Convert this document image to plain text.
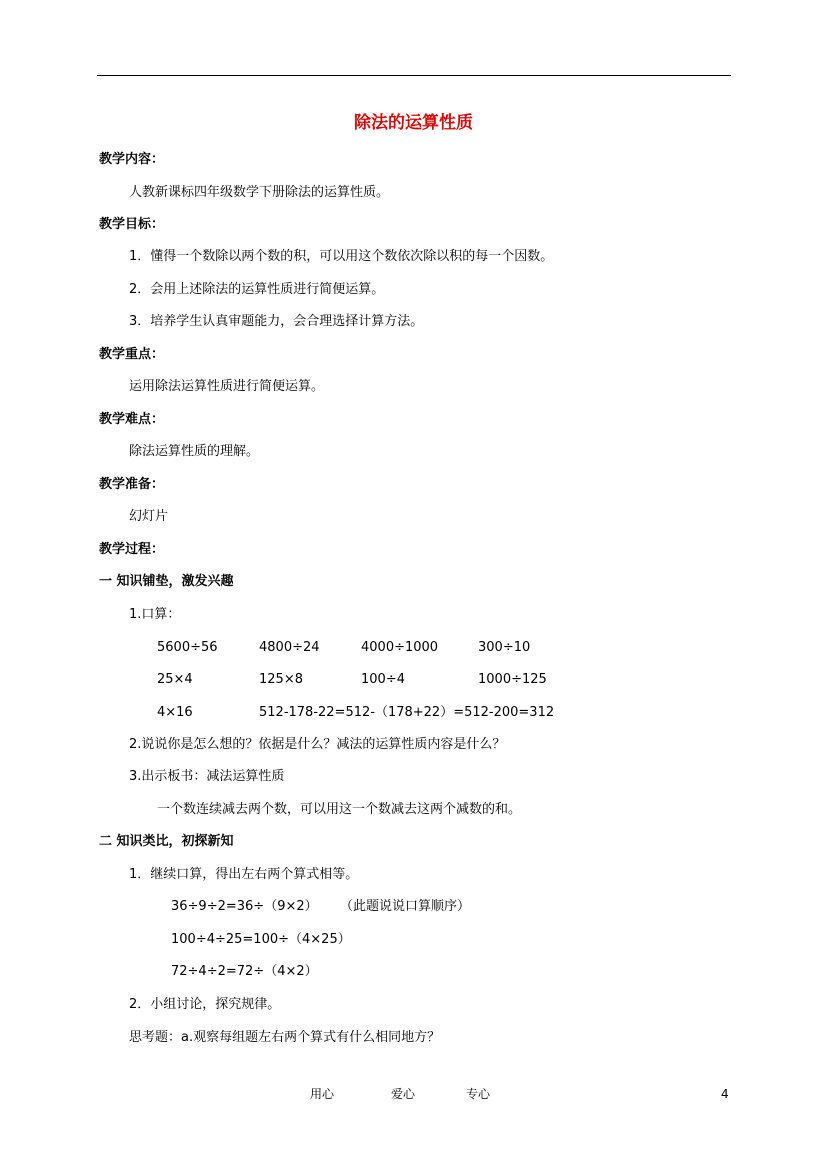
除法的运算性质
教学内容：
人教新课标四年级数学下册除法的运算性质。
教学目标：
1．懂得一个数除以两个数的积，可以用这个数依次除以积的每一个因数。
2．会用上述除法的运算性质进行简便运算。
3．培养学生认真审题能力，会合理选择计算方法。
教学重点：
运用除法运算性质进行简便运算。
教学难点：
除法运算性质的理解。
教学准备：
幻灯片
教学过程：
一 知识铺垫，激发兴趣
1.口算：
5600÷56	4800÷24	4000÷1000	300÷10
25×4	125×8	100÷4	1000÷125
4×16	512-178-22=512-（178+22）=512-200=312
2.说说你是怎么想的？依据是什么？减法的运算性质内容是什么？
3.出示板书：减法运算性质
一个数连续减去两个数，可以用这一个数减去这两个减数的和。
二 知识类比，初探新知
1．继续口算，得出左右两个算式相等。
36÷9÷2=36÷（9×2） （此题说说口算顺序）
100÷4÷25=100÷（4×25）
72÷4÷2=72÷（4×2）
2．小组讨论，探究规律。
思考题：a.观察每组题左右两个算式有什么相同地方？
用心	爱心	专心	4
